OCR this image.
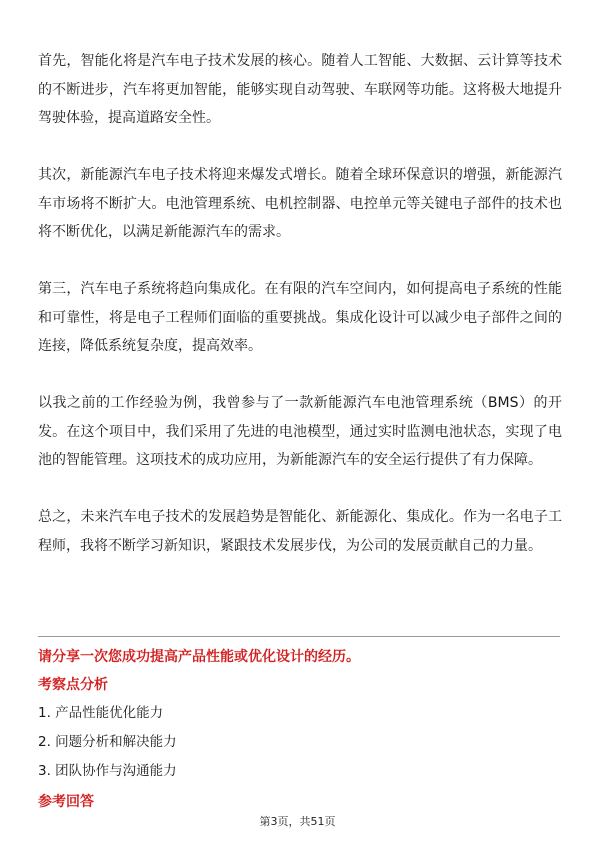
首先，智能化将是汽车电子技术发展的核心。随着人工智能、大数据、云计算等技术的不断进步，汽车将更加智能，能够实现自动驾驶、车联网等功能。这将极大地提升驾驶体验，提高道路安全性。

其次，新能源汽车电子技术将迎来爆发式增长。随着全球环保意识的增强，新能源汽车市场将不断扩大。电池管理系统、电机控制器、电控单元等关键电子部件的技术也将不断优化，以满足新能源汽车的需求。

第三，汽车电子系统将趋向集成化。在有限的汽车空间内，如何提高电子系统的性能和可靠性，将是电子工程师们面临的重要挑战。集成化设计可以减少电子部件之间的连接，降低系统复杂度，提高效率。

以我之前的工作经验为例，我曾参与了一款新能源汽车电池管理系统（BMS）的开发。在这个项目中，我们采用了先进的电池模型，通过实时监测电池状态，实现了电池的智能管理。这项技术的成功应用，为新能源汽车的安全运行提供了有力保障。

总之，未来汽车电子技术的发展趋势是智能化、新能源化、集成化。作为一名电子工程师，我将不断学习新知识，紧跟技术发展步伐，为公司的发展贡献自己的力量。

请分享一次您成功提高产品性能或优化设计的经历。

考察点分析

1. 产品性能优化能力
2. 问题分析和解决能力
3. 团队协作与沟通能力

参考回答

第3页，共51页
